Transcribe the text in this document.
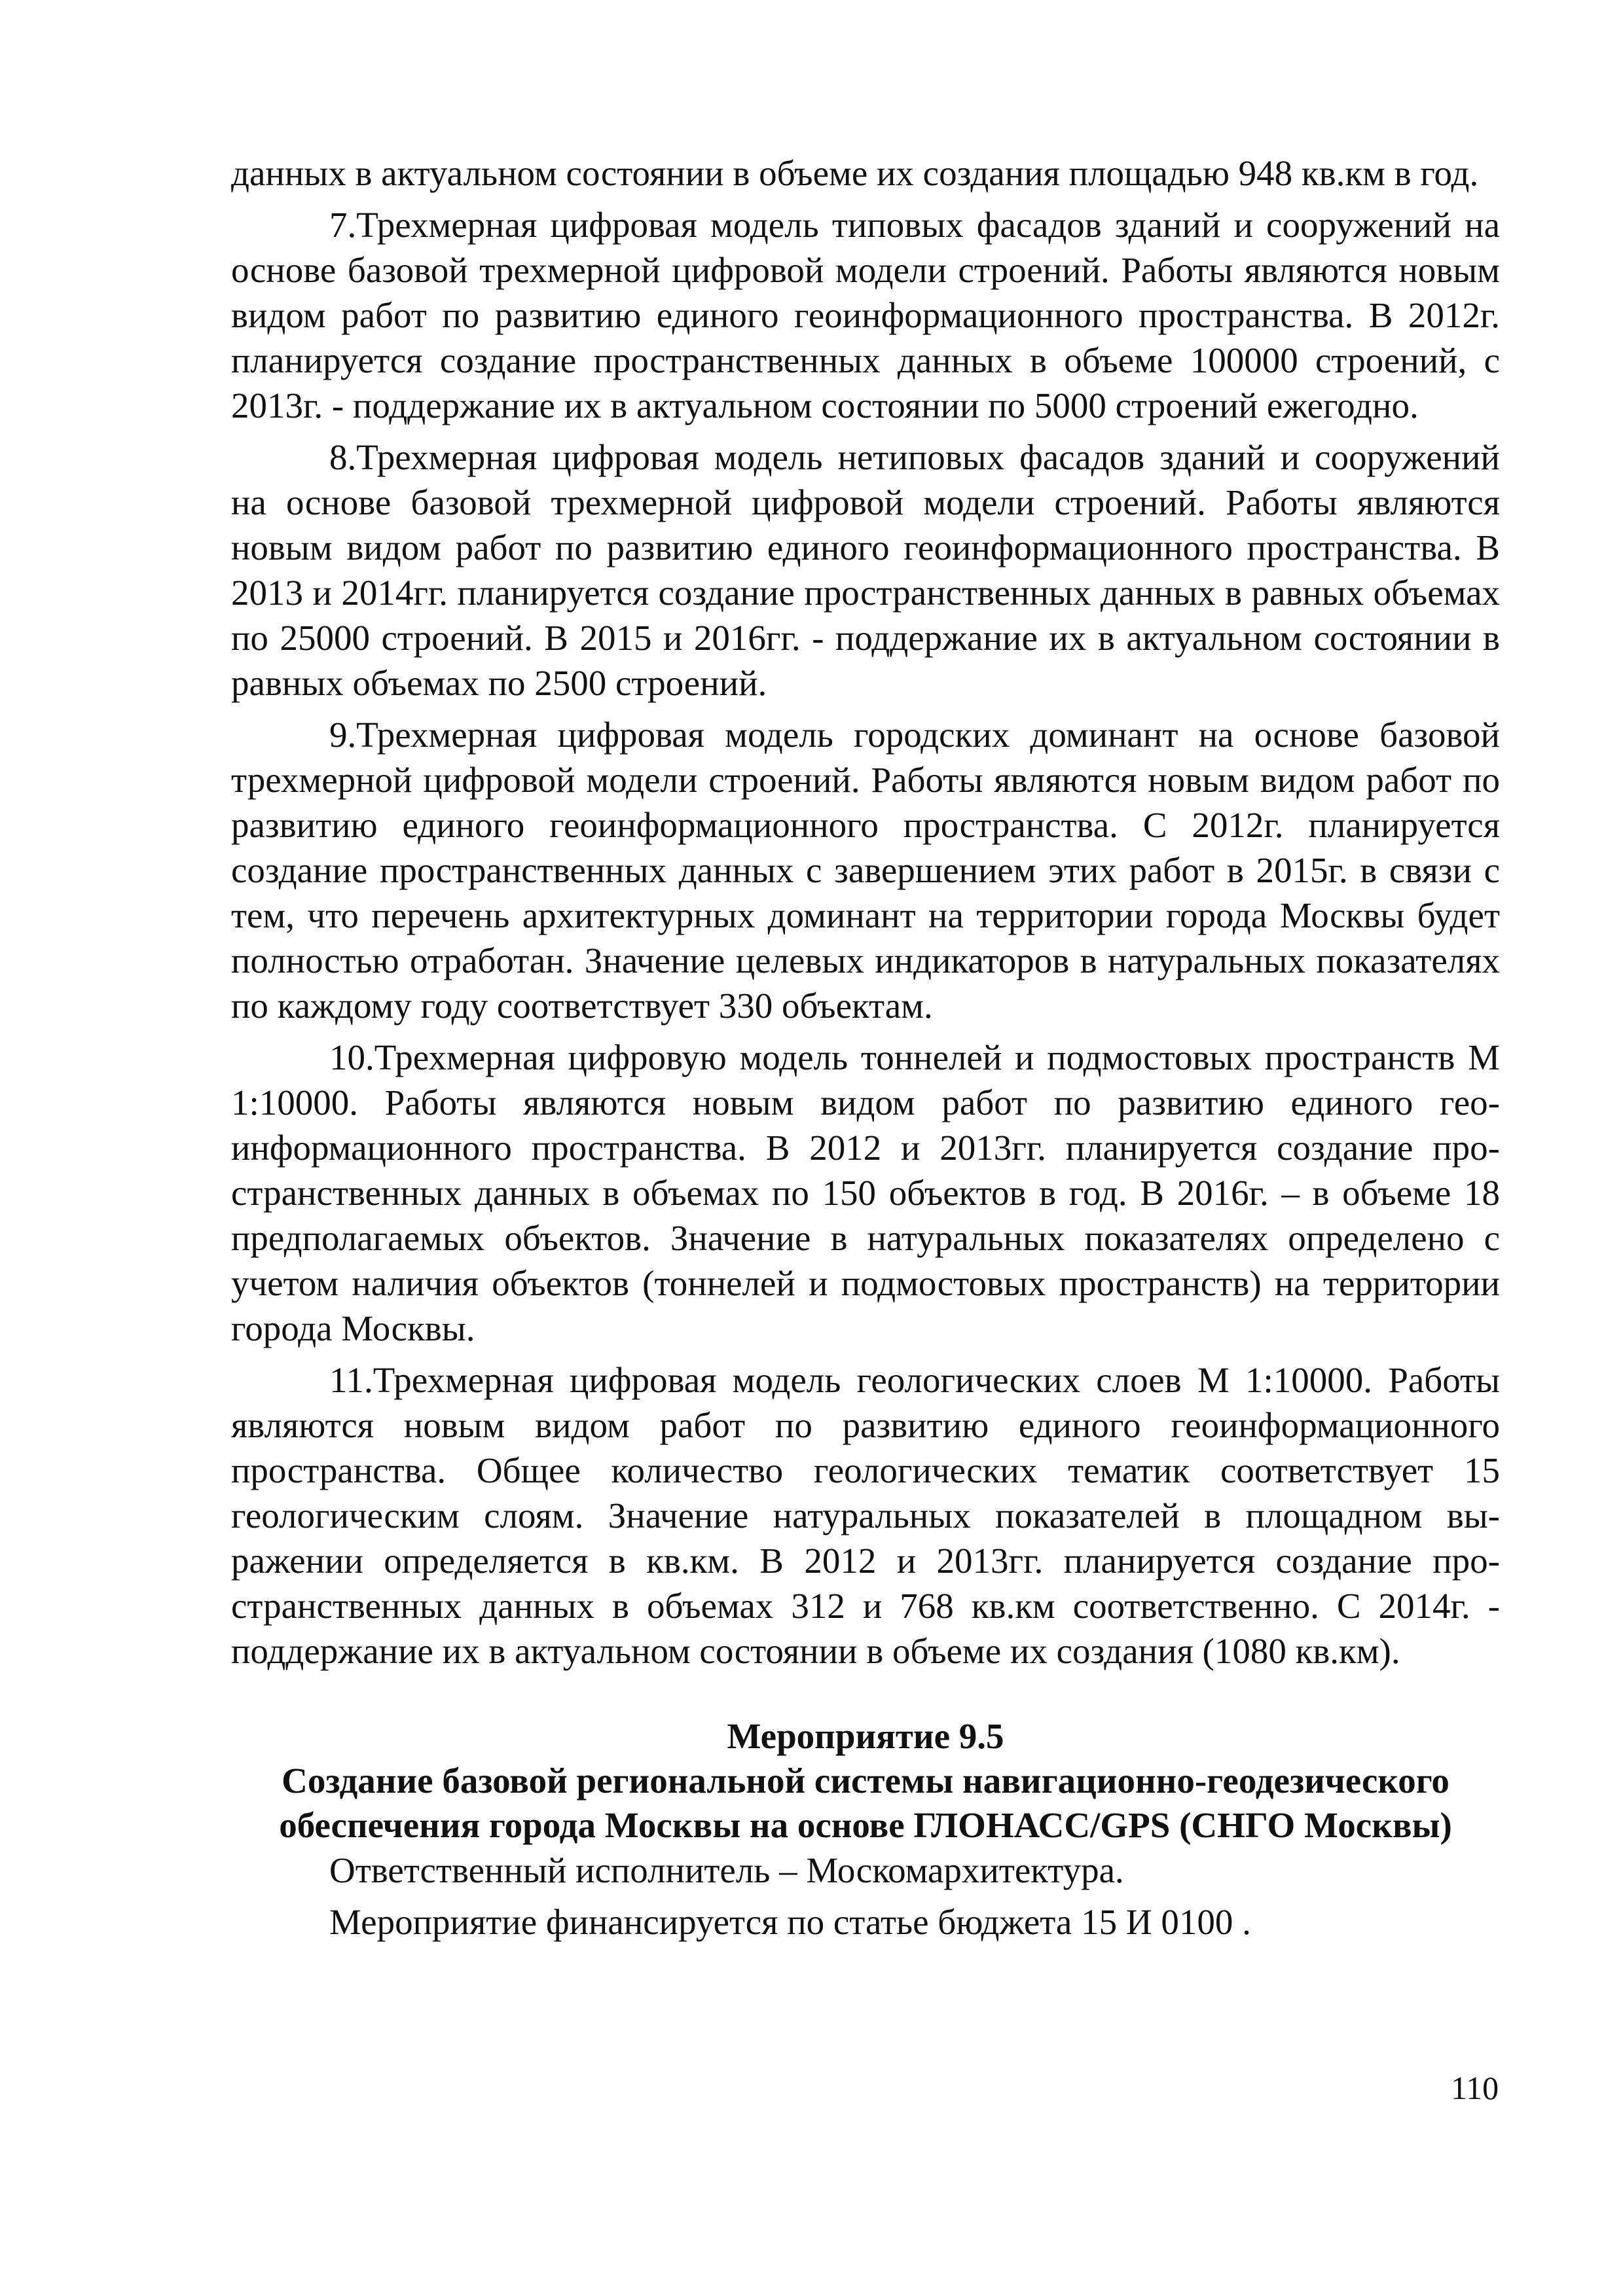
данных в актуальном состоянии в объеме их создания площадью 948 кв.км в год.

7.Трехмерная цифровая модель типовых фасадов зданий и сооружений на основе базовой трехмерной цифровой модели строений. Работы являются новым видом работ по развитию единого геоинформационного пространства. В 2012г. планируется создание пространственных данных в объеме 100000 строений, с 2013г. - поддержание их в актуальном состоянии по 5000 строений ежегодно.

8.Трехмерная цифровая модель нетиповых фасадов зданий и сооружений на основе базовой трехмерной цифровой модели строений. Работы являются новым видом работ по развитию единого геоинформационного пространства. В 2013 и 2014гг. планируется создание пространственных данных в равных объемах по 25000 строений. В 2015 и 2016гг. - поддержание их в актуальном состоянии в равных объемах по 2500 строений.

9.Трехмерная цифровая модель городских доминант на основе базовой трехмерной цифровой модели строений. Работы являются новым видом работ по развитию единого геоинформационного пространства. С 2012г. планируется создание пространственных данных с завершением этих работ в 2015г. в связи с тем, что перечень архитектурных доминант на территории города Москвы будет полностью отработан. Значение целевых индикаторов в натуральных показателях по каждому году соответствует 330 объектам.

10.Трехмерная цифровую модель тоннелей и подмостовых пространств М 1:10000. Работы являются новым видом работ по развитию единого геоинформационного пространства. В 2012 и 2013гг. планируется создание пространственных данных в объемах по 150 объектов в год. В 2016г. – в объеме 18 предполагаемых объектов. Значение в натуральных показателях определено с учетом наличия объектов (тоннелей и подмостовых пространств) на территории города Москвы.

11.Трехмерная цифровая модель геологических слоев М 1:10000. Работы являются новым видом работ по развитию единого геоинформационного пространства. Общее количество геологических тематик соответствует 15 геологическим слоям. Значение натуральных показателей в площадном выражении определяется в кв.км. В 2012 и 2013гг. планируется создание пространственных данных в объемах 312 и 768 кв.км соответственно. С 2014г. - поддержание их в актуальном состоянии в объеме их создания (1080 кв.км).

Мероприятие 9.5
Создание базовой региональной системы навигационно-геодезического
обеспечения города Москвы на основе ГЛОНАСС/GPS (СНГО Москвы)

Ответственный исполнитель – Москомархитектура.

Мероприятие финансируется по статье бюджета 15 И 0100 .

110
